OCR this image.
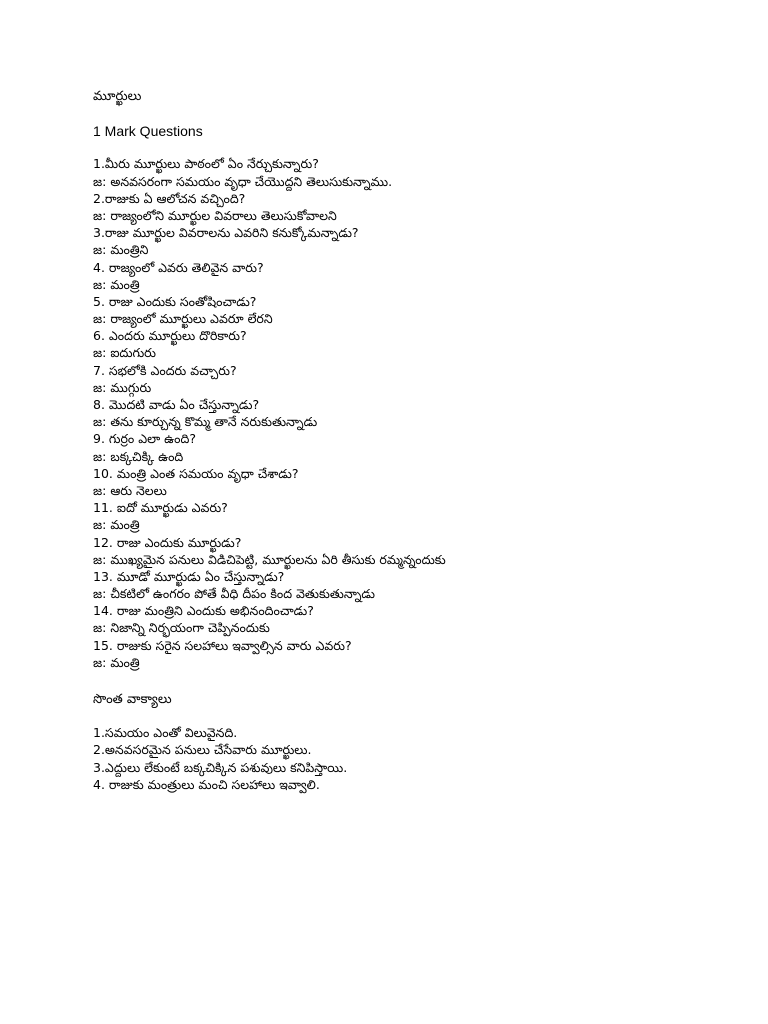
మూర్ఖులు
1 Mark Questions
1.మీరు మూర్ఖులు పాఠంలో ఏం నేర్చుకున్నారు?
జ: అనవసరంగా సమయం వృధా చేయొద్దని తెలుసుకున్నాము.
2.రాజుకు ఏ ఆలోచన వచ్చింది?
జ: రాజ్యంలోని మూర్ఖుల వివరాలు తెలుసుకోవాలని
3.రాజు మూర్ఖుల వివరాలను ఎవరిని కనుక్కోమన్నాడు?
జ: మంత్రిని
4. రాజ్యంలో ఎవరు తెలివైన వారు?
జ: మంత్రి
5. రాజు ఎందుకు సంతోషించాడు?
జ: రాజ్యంలో మూర్ఖులు ఎవరూ లేరని
6. ఎందరు మూర్ఖులు దొరికారు?
జ: ఐదుగురు
7. సభలోకి ఎందరు వచ్చారు?
జ: ముగ్గురు
8. మొదటి వాడు ఏం చేస్తున్నాడు?
జ: తను కూర్చున్న కొమ్మ తానే నరుకుతున్నాడు
9. గుర్రం ఎలా ఉంది?
జ: బక్కచిక్కి ఉంది
10. మంత్రి ఎంత సమయం వృధా చేశాడు?
జ: ఆరు నెలలు
11. ఐదో మూర్ఖుడు ఎవరు?
జ: మంత్రి
12. రాజు ఎందుకు మూర్ఖుడు?
జ: ముఖ్యమైన పనులు విడిచిపెట్టి, మూర్ఖులను ఏరి తీసుకు రమ్మన్నందుకు
13. మూడో మూర్ఖుడు ఏం చేస్తున్నాడు?
జ: చీకటిలో ఉంగరం పోతే వీధి దీపం కింద వెతుకుతున్నాడు
14. రాజు మంత్రిని ఎందుకు అభినందించాడు?
జ: నిజాన్ని నిర్భయంగా చెప్పినందుకు
15. రాజుకు సరైన సలహాలు ఇవ్వాల్సిన వారు ఎవరు?
జ: మంత్రి
సొంత వాక్యాలు
1.సమయం ఎంతో విలువైనది.
2.అనవసరమైన పనులు చేసేవారు మూర్ఖులు.
3.ఎద్దులు లేకుంటే బక్కచిక్కిన పశువులు కనిపిస్తాయి.
4. రాజుకు మంత్రులు మంచి సలహాలు ఇవ్వాలి.
